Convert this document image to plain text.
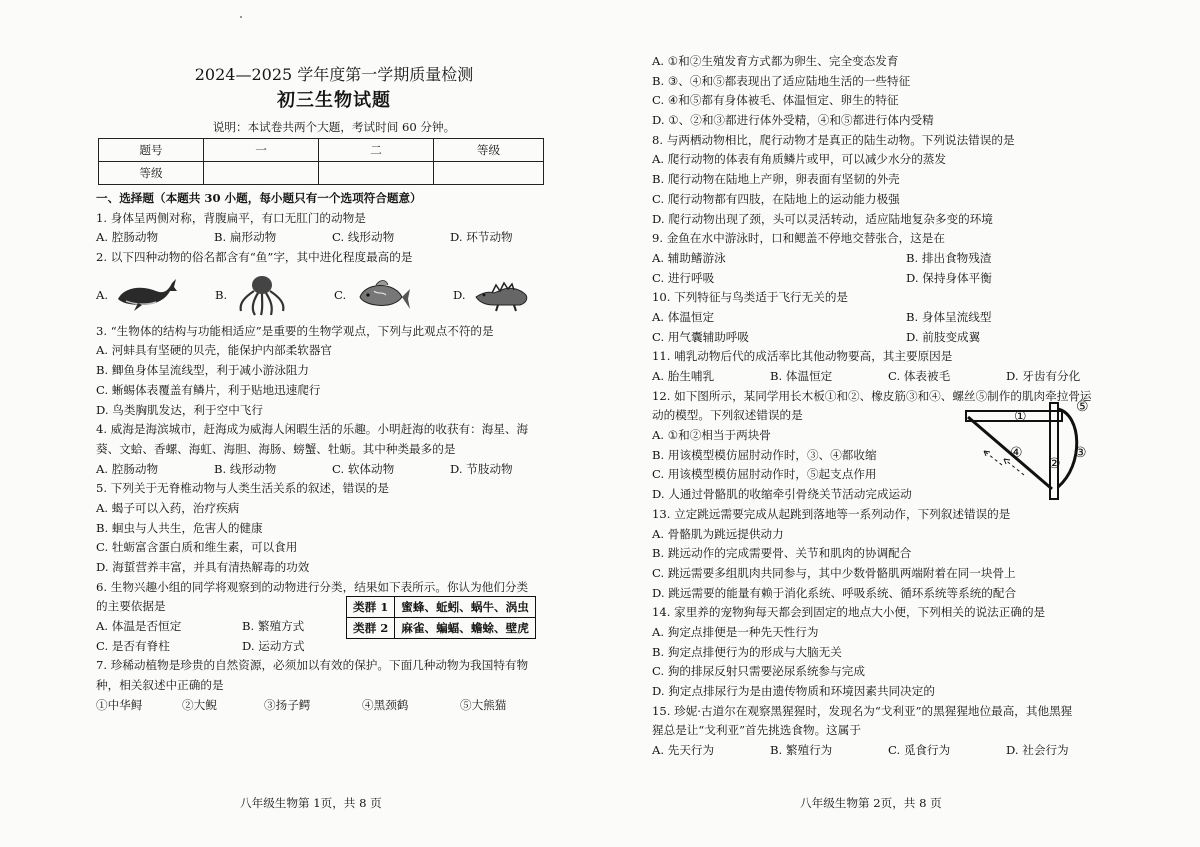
2024—2025 学年度第一学期质量检测
初三生物试题
说明：本试卷共两个大题，考试时间 60 分钟。
题号	一	二	等级
等级			
一、选择题（本题共 30 小题，每小题只有一个选项符合题意）
1. 身体呈两侧对称，背腹扁平，有口无肛门的动物是
A. 腔肠动物	B. 扁形动物	C. 线形动物	D. 环节动物
2. 以下四种动物的俗名都含有“鱼”字，其中进化程度最高的是
A.	B.	C.	D.
3. “生物体的结构与功能相适应”是重要的生物学观点，下列与此观点不符的是
A. 河蚌具有坚硬的贝壳，能保护内部柔软器官
B. 鲫鱼身体呈流线型，利于减小游泳阻力
C. 蜥蜴体表覆盖有鳞片，利于贴地迅速爬行
D. 鸟类胸肌发达，利于空中飞行
4. 威海是海滨城市，赶海成为威海人闲暇生活的乐趣。小明赶海的收获有：海星、海
葵、文蛤、香螺、海虹、海胆、海肠、螃蟹、牡蛎。其中种类最多的是
A. 腔肠动物	B. 线形动物	C. 软体动物	D. 节肢动物
5. 下列关于无脊椎动物与人类生活关系的叙述，错误的是
A. 蝎子可以入药，治疗疾病
B. 蛔虫与人共生，危害人的健康
C. 牡蛎富含蛋白质和维生素，可以食用
D. 海蜇营养丰富，并具有清热解毒的功效
6. 生物兴趣小组的同学将观察到的动物进行分类，结果如下表所示。你认为他们分类
的主要依据是
A. 体温是否恒定	B. 繁殖方式
C. 是否有脊柱	D. 运动方式
类群 1	蜜蜂、蚯蚓、蜗牛、涡虫
类群 2	麻雀、蝙蝠、蟾蜍、壁虎
7. 珍稀动植物是珍贵的自然资源，必须加以有效的保护。下面几种动物为我国特有物
种，相关叙述中正确的是
①中华鲟	②大鲵	③扬子鳄	④黑颈鹤	⑤大熊猫
八年级生物第 1页，共 8 页
A. ①和②生殖发育方式都为卵生、完全变态发育
B. ③、④和⑤都表现出了适应陆地生活的一些特征
C. ④和⑤都有身体被毛、体温恒定、卵生的特征
D. ①、②和③都进行体外受精，④和⑤都进行体内受精
8. 与两栖动物相比，爬行动物才是真正的陆生动物。下列说法错误的是
A. 爬行动物的体表有角质鳞片或甲，可以减少水分的蒸发
B. 爬行动物在陆地上产卵，卵表面有坚韧的外壳
C. 爬行动物都有四肢，在陆地上的运动能力极强
D. 爬行动物出现了颈，头可以灵活转动，适应陆地复杂多变的环境
9. 金鱼在水中游泳时，口和鳃盖不停地交替张合，这是在
A. 辅助鳍游泳	B. 排出食物残渣
C. 进行呼吸	D. 保持身体平衡
10. 下列特征与鸟类适于飞行无关的是
A. 体温恒定	B. 身体呈流线型
C. 用气囊辅助呼吸	D. 前肢变成翼
11. 哺乳动物后代的成活率比其他动物要高，其主要原因是
A. 胎生哺乳	B. 体温恒定	C. 体表被毛	D. 牙齿有分化
12. 如下图所示，某同学用长木板①和②、橡皮筋③和④、螺丝⑤制作的肌肉牵拉骨运
动的模型。下列叙述错误的是
A. ①和②相当于两块骨
B. 用该模型模仿屈肘动作时，③、④都收缩
C. 用该模型模仿屈肘动作时，⑤起支点作用
D. 人通过骨骼肌的收缩牵引骨绕关节活动完成运动
①
②
③
④
⑤
13. 立定跳远需要完成从起跳到落地等一系列动作，下列叙述错误的是
A. 骨骼肌为跳远提供动力
B. 跳远动作的完成需要骨、关节和肌肉的协调配合
C. 跳远需要多组肌肉共同参与，其中少数骨骼肌两端附着在同一块骨上
D. 跳远需要的能量有赖于消化系统、呼吸系统、循环系统等系统的配合
14. 家里养的宠物狗每天都会到固定的地点大小便，下列相关的说法正确的是
A. 狗定点排便是一种先天性行为
B. 狗定点排便行为的形成与大脑无关
C. 狗的排尿反射只需要泌尿系统参与完成
D. 狗定点排尿行为是由遗传物质和环境因素共同决定的
15. 珍妮·古道尔在观察黑猩猩时，发现名为“戈利亚”的黑猩猩地位最高，其他黑猩
猩总是让“戈利亚”首先挑选食物。这属于
A. 先天行为	B. 繁殖行为	C. 觅食行为	D. 社会行为
八年级生物第 2页，共 8 页
